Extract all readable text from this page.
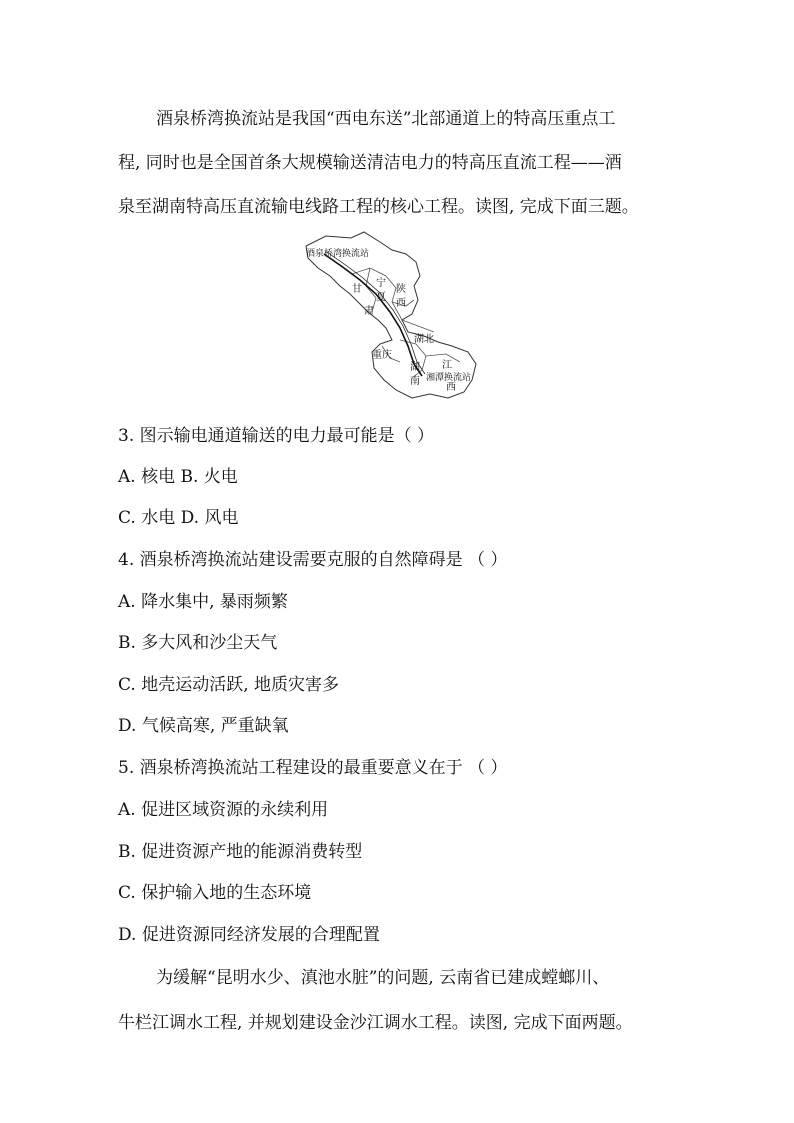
酒泉桥湾换流站是我国“西电东送”北部通道上的特高压重点工
程, 同时也是全国首条大规模输送清洁电力的特高压直流工程——酒
泉至湖南特高压直流输电线路工程的核心工程。读图, 完成下面三题。
酒泉桥湾换流站
甘
宁
夏
肃
陕
西
湖北
重庆
湖
南
江
西
湘潭换流站
3. 图示输电通道输送的电力最可能是（ ）
A. 核电 B. 火电
C. 水电 D. 风电
4. 酒泉桥湾换流站建设需要克服的自然障碍是 （ ）
A. 降水集中, 暴雨频繁
B. 多大风和沙尘天气
C. 地壳运动活跃, 地质灾害多
D. 气候高寒, 严重缺氧
5. 酒泉桥湾换流站工程建设的最重要意义在于 （ ）
A. 促进区域资源的永续利用
B. 促进资源产地的能源消费转型
C. 保护输入地的生态环境
D. 促进资源同经济发展的合理配置
为缓解“昆明水少、滇池水脏”的问题, 云南省已建成螳螂川、
牛栏江调水工程, 并规划建设金沙江调水工程。读图, 完成下面两题。
